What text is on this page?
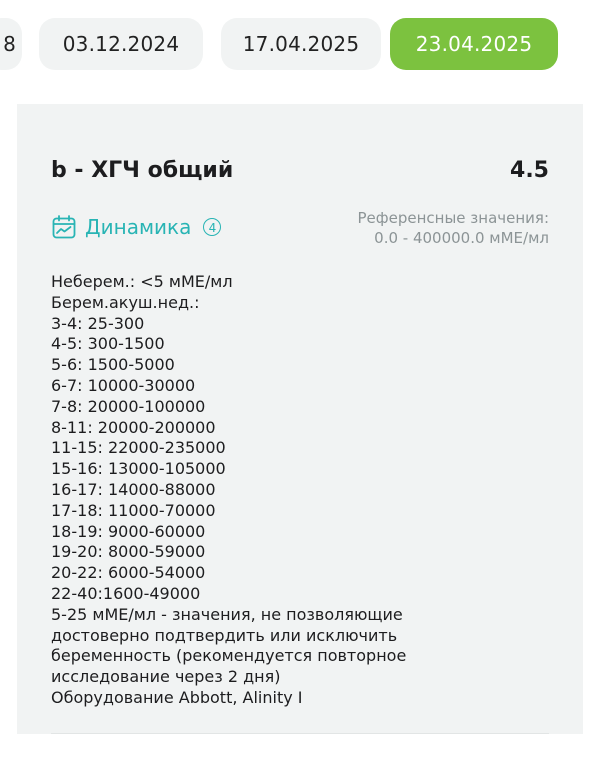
8	03.12.2024	17.04.2025	23.04.2025
b - ХГЧ общий	4.5
Динамика	4
Референсные значения:
0.0 - 400000.0 мМЕ/мл
Неберем.: <5 мМЕ/мл
Берем.акуш.нед.:
3-4: 25-300
4-5: 300-1500
5-6: 1500-5000
6-7: 10000-30000
7-8: 20000-100000
8-11: 20000-200000
11-15: 22000-235000
15-16: 13000-105000
16-17: 14000-88000
17-18: 11000-70000
18-19: 9000-60000
19-20: 8000-59000
20-22: 6000-54000
22-40:1600-49000
5-25 мМЕ/мл - значения, не позволяющие
достоверно подтвердить или исключить
беременность (рекомендуется повторное
исследование через 2 дня)
Оборудование Abbott, Alinity I
